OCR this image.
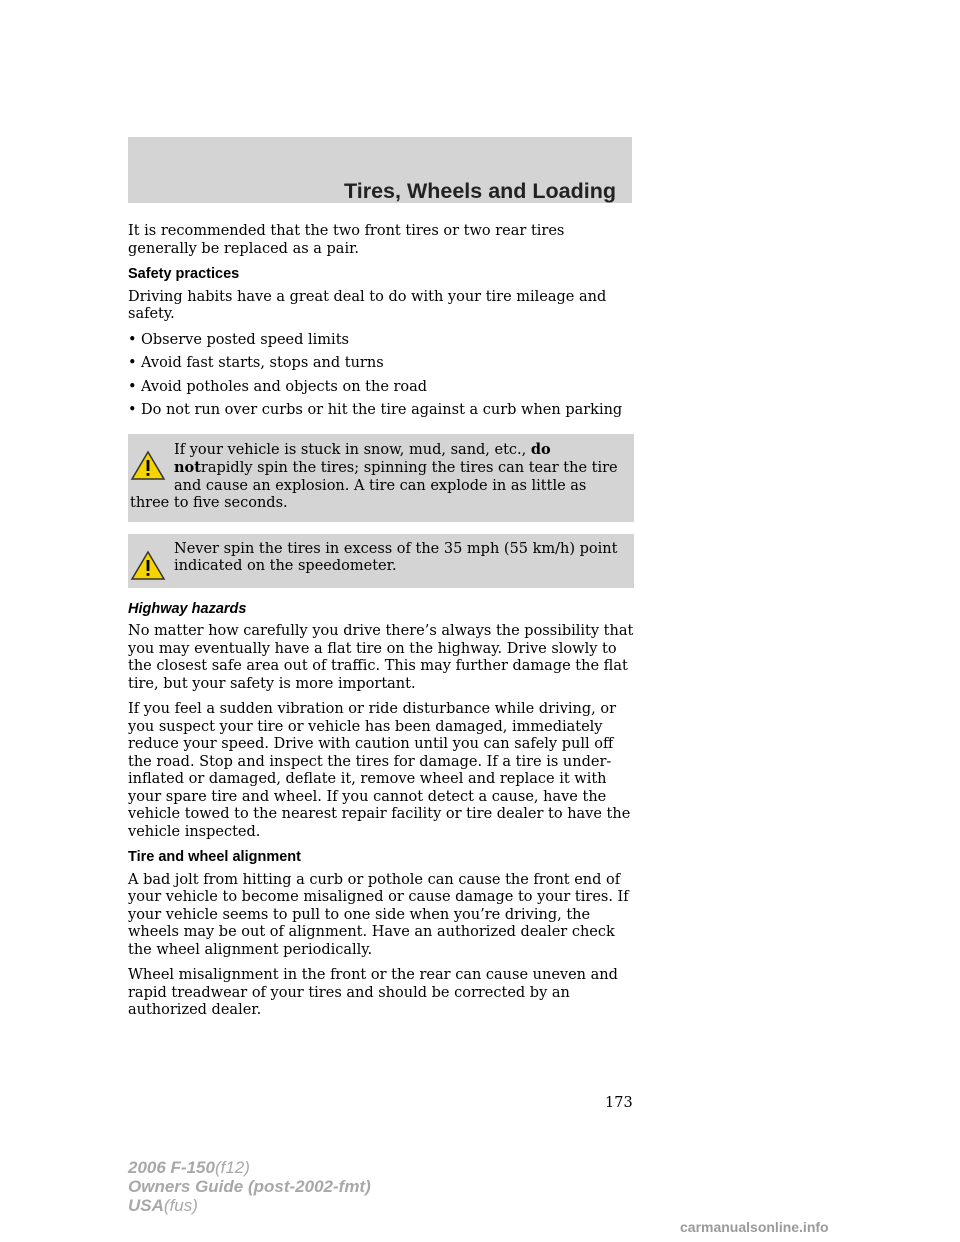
Tires, Wheels and Loading

It is recommended that the two front tires or two rear tires generally be replaced as a pair.

Safety practices

Driving habits have a great deal to do with your tire mileage and safety.

• Observe posted speed limits
• Avoid fast starts, stops and turns
• Avoid potholes and objects on the road
• Do not run over curbs or hit the tire against a curb when parking
If your vehicle is stuck in snow, mud, sand, etc., do notrapidly spin the tires; spinning the tires can tear the tire and cause an explosion. A tire can explode in as little as three to five seconds.
Never spin the tires in excess of the 35 mph (55 km/h) point indicated on the speedometer.
Highway hazards

No matter how carefully you drive there’s always the possibility that you may eventually have a flat tire on the highway. Drive slowly to the closest safe area out of traffic. This may further damage the flat tire, but your safety is more important.

If you feel a sudden vibration or ride disturbance while driving, or you suspect your tire or vehicle has been damaged, immediately reduce your speed. Drive with caution until you can safely pull off the road. Stop and inspect the tires for damage. If a tire is under-inflated or damaged, deflate it, remove wheel and replace it with your spare tire and wheel. If you cannot detect a cause, have the vehicle towed to the nearest repair facility or tire dealer to have the vehicle inspected.

Tire and wheel alignment

A bad jolt from hitting a curb or pothole can cause the front end of your vehicle to become misaligned or cause damage to your tires. If your vehicle seems to pull to one side when you’re driving, the wheels may be out of alignment. Have an authorized dealer check the wheel alignment periodically.

Wheel misalignment in the front or the rear can cause uneven and rapid treadwear of your tires and should be corrected by an authorized dealer.

173
2006 F-150(f12)
Owners Guide (post-2002-fmt)
USA(fus)
carmanualsonline.info
